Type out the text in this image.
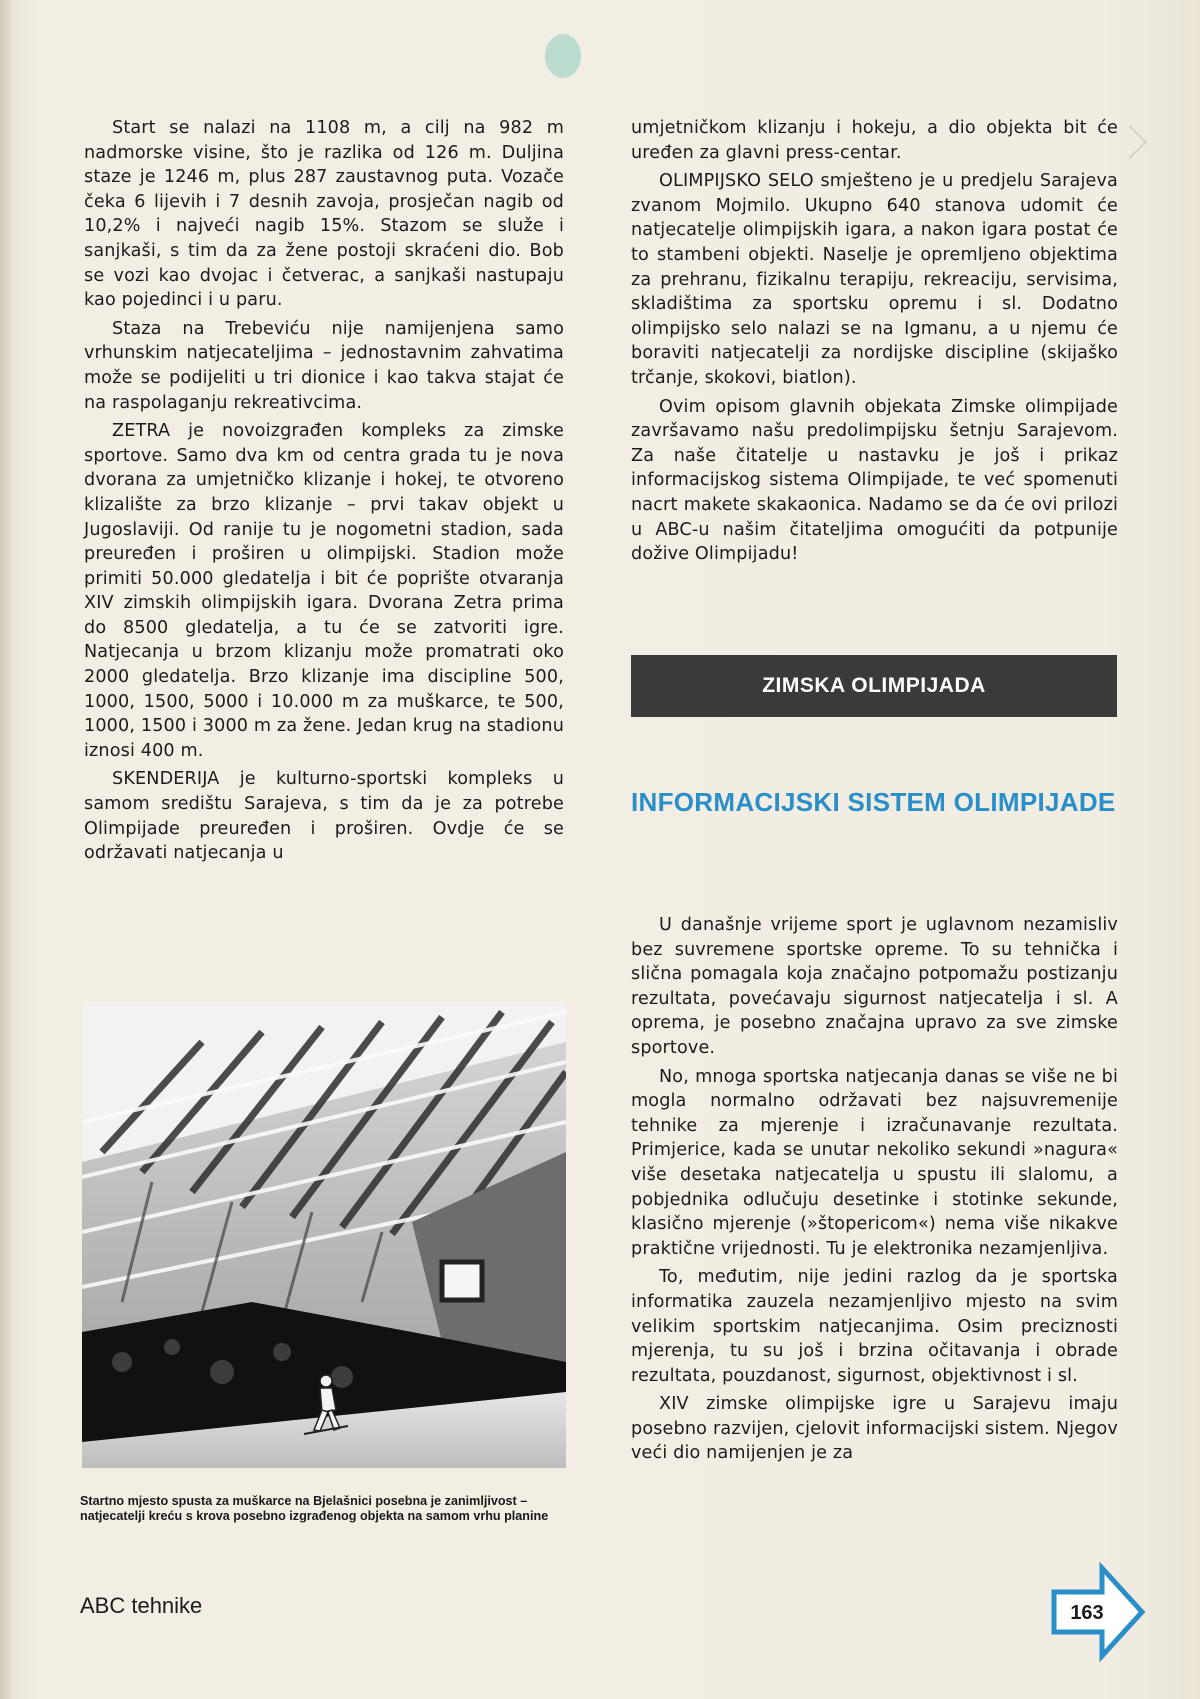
Start se nalazi na 1108 m, a cilj na 982 m nadmorske visine, što je razlika od 126 m. Duljina staze je 1246 m, plus 287 zaustavnog puta. Vozače čeka 6 lijevih i 7 desnih zavoja, prosječan nagib od 10,2% i najveći nagib 15%. Stazom se služe i sanjkaši, s tim da za žene postoji skraćeni dio. Bob se vozi kao dvojac i četverac, a sanjkaši nastupaju kao pojedinci i u paru.

Staza na Trebeviću nije namijenjena samo vrhunskim natjecateljima – jednostavnim zahvatima može se podijeliti u tri dionice i kao takva stajat će na raspolaganju rekreativcima.

ZETRA je novoizgrađen kompleks za zimske sportove. Samo dva km od centra grada tu je nova dvorana za umjetničko klizanje i hokej, te otvoreno klizalište za brzo klizanje – prvi takav objekt u Jugoslaviji. Od ranije tu je nogometni stadion, sada preuređen i proširen u olimpijski. Stadion može primiti 50.000 gledatelja i bit će poprište otvaranja XIV zimskih olimpijskih igara. Dvorana Zetra prima do 8500 gledatelja, a tu će se zatvoriti igre. Natjecanja u brzom klizanju može promatrati oko 2000 gledatelja. Brzo klizanje ima discipline 500, 1000, 1500, 5000 i 10.000 m za muškarce, te 500, 1000, 1500 i 3000 m za žene. Jedan krug na stadionu iznosi 400 m.

SKENDERIJA je kulturno-sportski kompleks u samom središtu Sarajeva, s tim da je za potrebe Olimpijade preuređen i proširen. Ovdje će se održavati natjecanja u

Startno mjesto spusta za muškarce na Bjelašnici posebna je zanimljivost – natjecatelji kreću s krova posebno izgrađenog objekta na samom vrhu planine

umjetničkom klizanju i hokeju, a dio objekta bit će uređen za glavni press-centar.

OLIMPIJSKO SELO smješteno je u predjelu Sarajeva zvanom Mojmilo. Ukupno 640 stanova udomit će natjecatelje olimpijskih igara, a nakon igara postat će to stambeni objekti. Naselje je opremljeno objektima za prehranu, fizikalnu terapiju, rekreaciju, servisima, skladištima za sportsku opremu i sl. Dodatno olimpijsko selo nalazi se na Igmanu, a u njemu će boraviti natjecatelji za nordijske discipline (skijaško trčanje, skokovi, biatlon).

Ovim opisom glavnih objekata Zimske olimpijade završavamo našu predolimpijsku šetnju Sarajevom. Za naše čitatelje u nastavku je još i prikaz informacijskog sistema Olimpijade, te već spomenuti nacrt makete skakaonica. Nadamo se da će ovi prilozi u ABC-u našim čitateljima omogućiti da potpunije dožive Olimpijadu!

ZIMSKA OLIMPIJADA
INFORMACIJSKI SISTEM OLIMPIJADE

U današnje vrijeme sport je uglavnom nezamisliv bez suvremene sportske opreme. To su tehnička i slična pomagala koja značajno potpomažu postizanju rezultata, povećavaju sigurnost natjecatelja i sl. A oprema, je posebno značajna upravo za sve zimske sportove.

No, mnoga sportska natjecanja danas se više ne bi mogla normalno održavati bez najsuvremenije tehnike za mjerenje i izračunavanje rezultata. Primjerice, kada se unutar nekoliko sekundi »nagura« više desetaka natjecatelja u spustu ili slalomu, a pobjednika odlučuju desetinke i stotinke sekunde, klasično mjerenje (»štopericom«) nema više nikakve praktične vrijednosti. Tu je elektronika nezamjenljiva.

To, međutim, nije jedini razlog da je sportska informatika zauzela nezamjenljivo mjesto na svim velikim sportskim natjecanjima. Osim preciznosti mjerenja, tu su još i brzina očitavanja i obrade rezultata, pouzdanost, sigurnost, objektivnost i sl.

XIV zimske olimpijske igre u Sarajevu imaju posebno razvijen, cjelovit informacijski sistem. Njegov veći dio namijenjen je za

ABC tehnike	163
